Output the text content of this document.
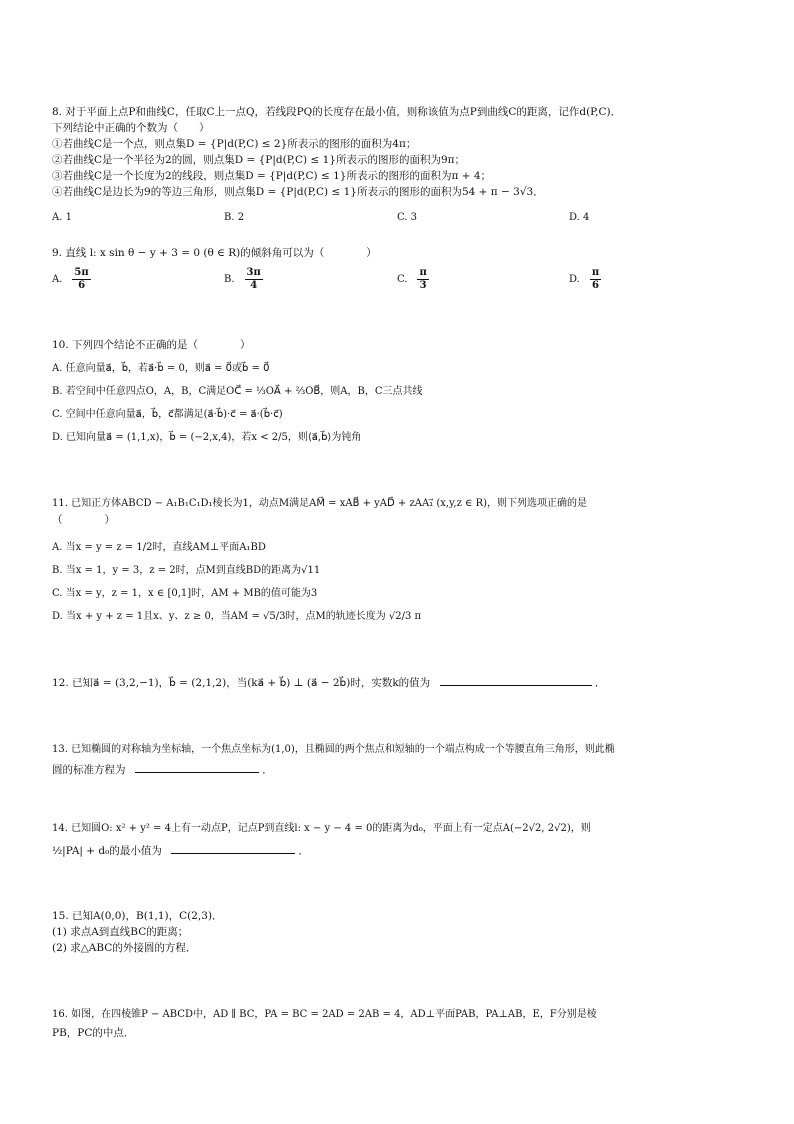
8. 对于平面上点P和曲线C，任取C上一点Q，若线段PQ的长度存在最小值，则称该值为点P到曲线C的距离，记作d(P,C)．

下列结论中正确的个数为（　　）

①若曲线C是一个点，则点集D = {P|d(P,C) ≤ 2}所表示的图形的面积为4π；

②若曲线C是一个半径为2的圆，则点集D = {P|d(P,C) ≤ 1}所表示的图形的面积为9π；

③若曲线C是一个长度为2的线段，则点集D = {P|d(P,C) ≤ 1}所表示的图形的面积为π + 4；

④若曲线C是边长为9的等边三角形，则点集D = {P|d(P,C) ≤ 1}所表示的图形的面积为54 + π − 3√3．

A. 1	B. 2	C. 3	D. 4

9. 直线 l: x sin θ − y + 3 = 0 (θ ∈ R)的倾斜角可以为（　　　　）

A. $\frac{5\pi}{6}$	B. $\frac{3\pi}{4}$	C. $\frac{\pi}{3}$	D. $\frac{\pi}{6}$

10. 下列四个结论不正确的是（　　　　）

A. 任意向量a⃗，b⃗，若a⃗·b⃗ = 0，则a⃗ = 0⃗或b⃗ = 0⃗

B. 若空间中任意四点O，A，B，C满足OC⃗ = ⅓OA⃗ + ⅔OB⃗，则A，B，C三点共线

C. 空间中任意向量a⃗，b⃗，c⃗都满足(a⃗·b⃗)·c⃗ = a⃗·(b⃗·c⃗)

D. 已知向量a⃗ = (1,1,x)，b⃗ = (−2,x,4)，若x < 2/5，则⟨a⃗,b⃗⟩为钝角

11. 已知正方体ABCD − A₁B₁C₁D₁棱长为1，动点M满足AM⃗ = xAB⃗ + yAD⃗ + zAA₁⃗ (x,y,z ∈ R)，则下列选项正确的是

（　　　　）

A. 当x = y = z = 1/2时，直线AM⊥平面A₁BD

B. 当x = 1，y = 3，z = 2时，点M到直线BD的距离为√11

C. 当x = y，z = 1，x ∈ [0,1]时，AM + MB的值可能为3

D. 当x + y + z = 1且x、y、z ≥ 0，当AM = √5/3时，点M的轨迹长度为 √2/3 π

12. 已知a⃗ = (3,2,−1)，b⃗ = (2,1,2)，当(ka⃗ + b⃗) ⊥ (a⃗ − 2b⃗)时，实数k的值为	．

13. 已知椭圆的对称轴为坐标轴，一个焦点坐标为(1,0)，且椭圆的两个焦点和短轴的一个端点构成一个等腰直角三角形，则此椭

圆的标准方程为	．

14. 已知圆O: x² + y² = 4上有一动点P，记点P到直线l: x − y − 4 = 0的距离为d₀，平面上有一定点A(−2√2, 2√2)，则

½|PA| + d₀的最小值为	．

15. 已知A(0,0)，B(1,1)，C(2,3)．

(1) 求点A到直线BC的距离；

(2) 求△ABC的外接圆的方程．

16. 如图，在四棱锥P − ABCD中，AD ∥ BC，PA = BC = 2AD = 2AB = 4，AD⊥平面PAB，PA⊥AB，E，F分别是棱

PB，PC的中点．
